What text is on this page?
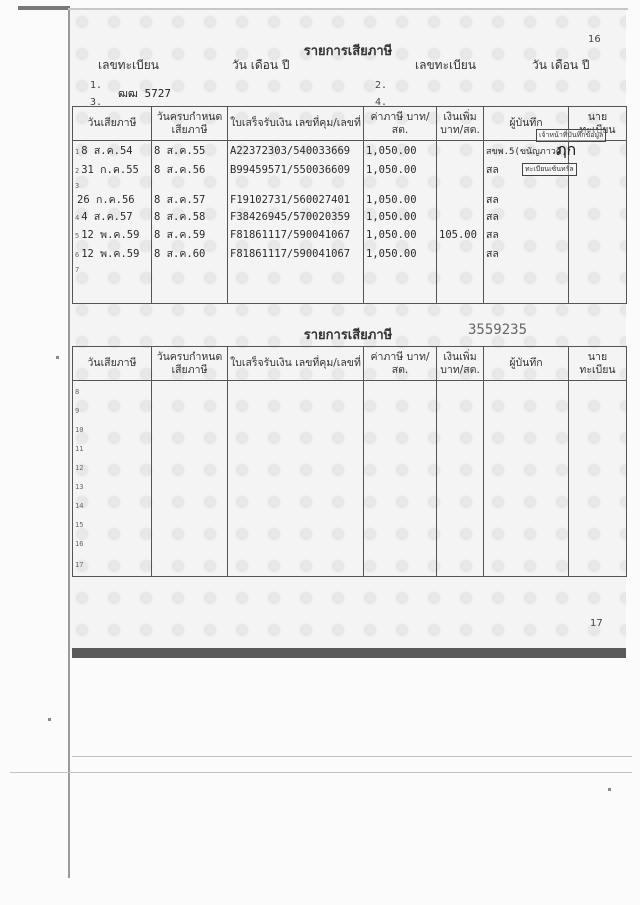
รายการเสียภาษี
16
เลขทะเบียน	วัน เดือน ปี	เลขทะเบียน	วัน เดือน ปี
1.
ฒฒ 5727
2.
3.	4.
วันเสียภาษี	วันครบกำหนด เสียภาษี	ใบเสร็จรับเงิน เลขที่คุม/เลขที่	ค่าภาษี บาท/สต.	เงินเพิ่ม บาท/สต.	ผู้บันทึก	นายทะเบียน
1 8 ส.ค.54	8 ส.ค.55	A22372303/540033669	1,050.00		สขพ.5(ขนัญภาวดี)	
2 31 ก.ค.55	8 ส.ค.56	B99459571/550036609	1,050.00		สล	
3						
26 ก.ค.56	8 ส.ค.57	F19102731/560027401	1,050.00		สล	
4 4 ส.ค.57	8 ส.ค.58	F38426945/570020359	1,050.00		สล	
5 12 พ.ค.59	8 ส.ค.59	F81861117/590041067	1,050.00	105.00	สล	
6 12 พ.ค.59	8 ส.ค.60	F81861117/590041067	1,050.00		สล	
7						
เจ้าหน้าที่บันทึกข้อมูล
ทะเบียนเซ้นทรัล
ฦก
รายการเสียภาษี	3559235
วันเสียภาษี	วันครบกำหนด เสียภาษี	ใบเสร็จรับเงิน เลขที่คุม/เลขที่	ค่าภาษี บาท/สต.	เงินเพิ่ม บาท/สต.	ผู้บันทึก	นายทะเบียน
8						
9						
10						
11						
12						
13						
14						
15						
16						
17						
17
